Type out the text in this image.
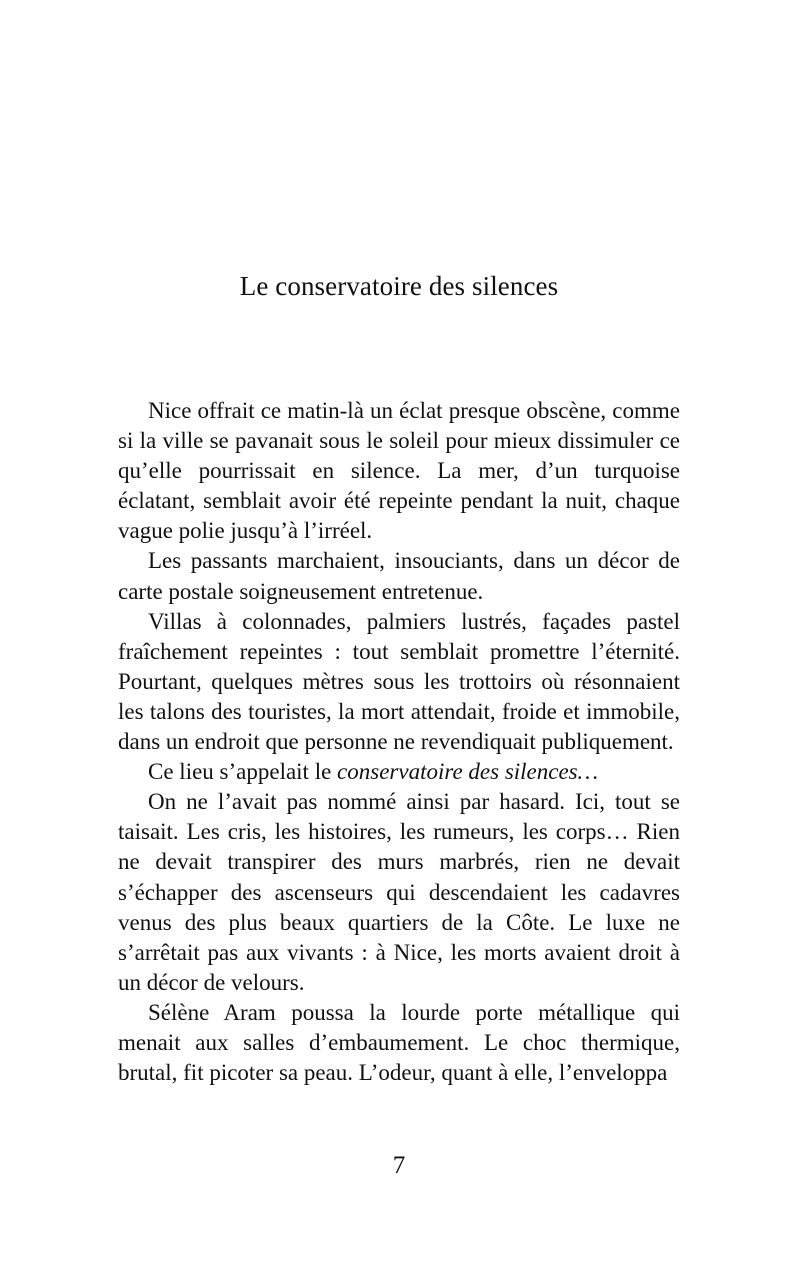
Le conservatoire des silences

Nice offrait ce matin-là un éclat presque obscène, comme si la ville se pavanait sous le soleil pour mieux dissimuler ce qu’elle pourrissait en silence. La mer, d’un turquoise éclatant, semblait avoir été repeinte pendant la nuit, chaque vague polie jusqu’à l’irréel.

Les passants marchaient, insouciants, dans un décor de carte postale soigneusement entretenue.

Villas à colonnades, palmiers lustrés, façades pastel fraîchement repeintes : tout semblait promettre l’éternité. Pourtant, quelques mètres sous les trottoirs où résonnaient les talons des touristes, la mort attendait, froide et immobile, dans un endroit que personne ne revendiquait publiquement.

Ce lieu s’appelait le conservatoire des silences…

On ne l’avait pas nommé ainsi par hasard. Ici, tout se taisait. Les cris, les histoires, les rumeurs, les corps… Rien ne devait transpirer des murs marbrés, rien ne devait s’échapper des ascenseurs qui descendaient les cadavres venus des plus beaux quartiers de la Côte. Le luxe ne s’arrêtait pas aux vivants : à Nice, les morts avaient droit à un décor de velours.

Sélène Aram poussa la lourde porte métallique qui menait aux salles d’embaumement. Le choc thermique, brutal, fit picoter sa peau. L’odeur, quant à elle, l’enveloppa

7
